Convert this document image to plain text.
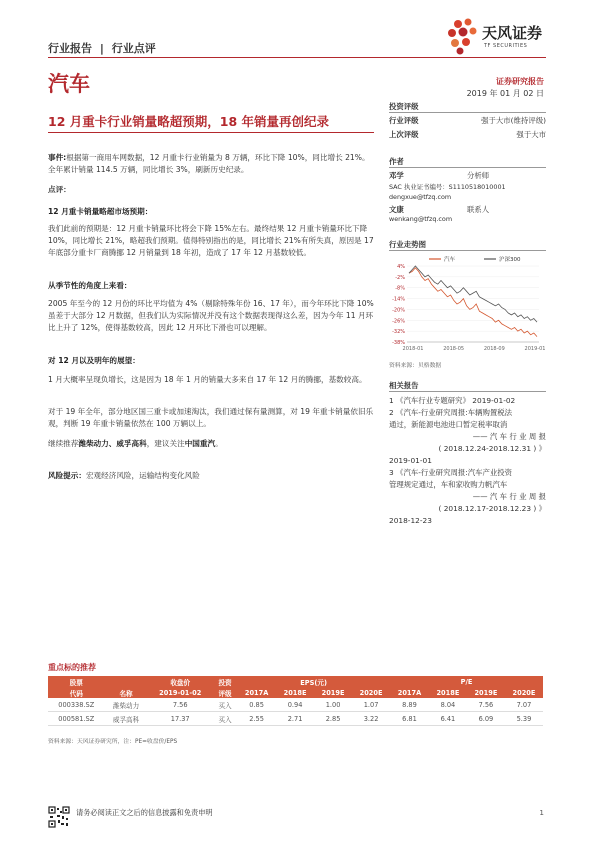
行业报告 | 行业点评
天风证券
TF SECURITIES
汽车	证券研究报告
2019 年 01 月 02 日
12 月重卡行业销量略超预期，18 年销量再创纪录
事件:根据第一商用车网数据，12 月重卡行业销量为 8 万辆，环比下降 10%，同比增长 21%。全年累计销量 114.5 万辆，同比增长 3%，刷新历史纪录。
点评：
12 月重卡销量略超市场预期：
我们此前的预期是：12 月重卡销量环比将会下降 15%左右。最终结果 12 月重卡销量环比下降 10%，同比增长 21%，略超我们预期。值得特别指出的是，同比增长 21%有所失真，原因是 17 年底部分重卡厂商腾挪 12 月销量到 18 年初，造成了 17 年 12 月基数较低。
从季节性的角度上来看：
2005 年至今的 12 月份的环比平均值为 4%（剔除特殊年份 16、17 年），而今年环比下降 10%虽差于大部分 12 月数据，但我们认为实际情况并没有这个数据表现得这么差，因为今年 11 月环比上升了 12%，使得基数较高，因此 12 月环比下滑也可以理解。
对 12 月以及明年的展望：
1 月大概率呈现负增长，这是因为 18 年 1 月的销量大多来自 17 年 12 月的腾挪，基数较高。
对于 19 年全年，部分地区国三重卡或加速淘汰，我们通过保有量测算，对 19 年重卡销量依旧乐观，判断 19 年重卡销量依然在 100 万辆以上。
继续推荐潍柴动力、威孚高科，建议关注中国重汽。
风险提示：宏观经济风险，运输结构变化风险
投资评级
行业评级	强于大市(维持评级)
上次评级	强于大市
作者
邓学	分析师
SAC 执业证书编号：S1110518010001
dengxue@tfzq.com
文康	联系人
wenkang@tfzq.com
行业走势图
4%
-2%
-8%
-14%
-20%
-26%
-32%
-38%
2018-01	2018-05	2018-09	2019-01
汽车	沪深300
资料来源：贝格数据
相关报告
1 《汽车行业专题研究》 2019-01-02
2 《汽车-行业研究周报:车辆购置税法
通过，新能源电池进口暂定税率取消
—— 汽 车 行 业 周 报
( 2018.12.24-2018.12.31 ) 》
2019-01-01
3 《汽车-行业研究周报:汽车产业投资
管理规定通过，车和家收购力帆汽车
—— 汽 车 行 业 周 报
( 2018.12.17-2018.12.23 ) 》
2018-12-23
重点标的推荐
股票		收盘价	投资	EPS(元)				P/E			
代码	名称	2019-01-02	评级	2017A	2018E	2019E	2020E	2017A	2018E	2019E	2020E
000338.SZ	潍柴动力	7.56	买入	0.85	0.94	1.00	1.07	8.89	8.04	7.56	7.07
000581.SZ	威孚高科	17.37	买入	2.55	2.71	2.85	3.22	6.81	6.41	6.09	5.39
资料来源：天风证券研究所，注：PE=收盘价/EPS
请务必阅读正文之后的信息披露和免责申明	1
